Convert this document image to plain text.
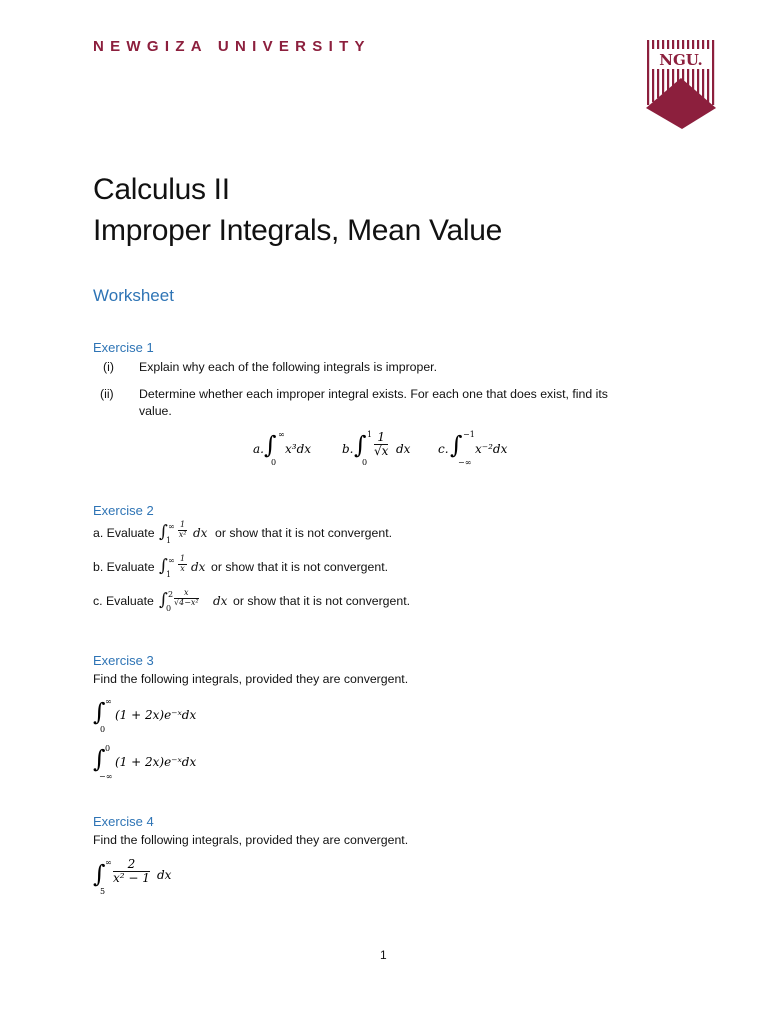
NEWGIZA UNIVERSITY
NGU.
Calculus II
Improper Integrals, Mean Value
Worksheet
Exercise 1
(i) Explain why each of the following integrals is improper.
(ii) Determine whether each improper integral exists. For each one that does exist, find its
value.
a. ∫ ∞
0
x³dx	b. ∫ 1
0
$\frac{1}{√x}$ dx c. ∫ −1
−∞
x⁻²dx
Exercise 2
a. Evaluate ∫ ∞
1
$\frac{1}{\text{x²}}$ dx or show that it is not convergent.
b. Evaluate ∫ ∞
1
$\frac{1}{x}$ dx or show that it is not convergent.
c. Evaluate ∫ 2
0
$\frac{x}{\text{√4−x²}}$ dx or show that it is not convergent.
Exercise 3
Find the following integrals, provided they are convergent.
∫ ∞
0
(1 + 2x)e⁻ˣdx
∫ 0
−∞
(1 + 2x)e⁻ˣdx
Exercise 4
Find the following integrals, provided they are convergent.
∫ ∞
5
$\frac{2}{\text{x² − 1}}$ dx
1
